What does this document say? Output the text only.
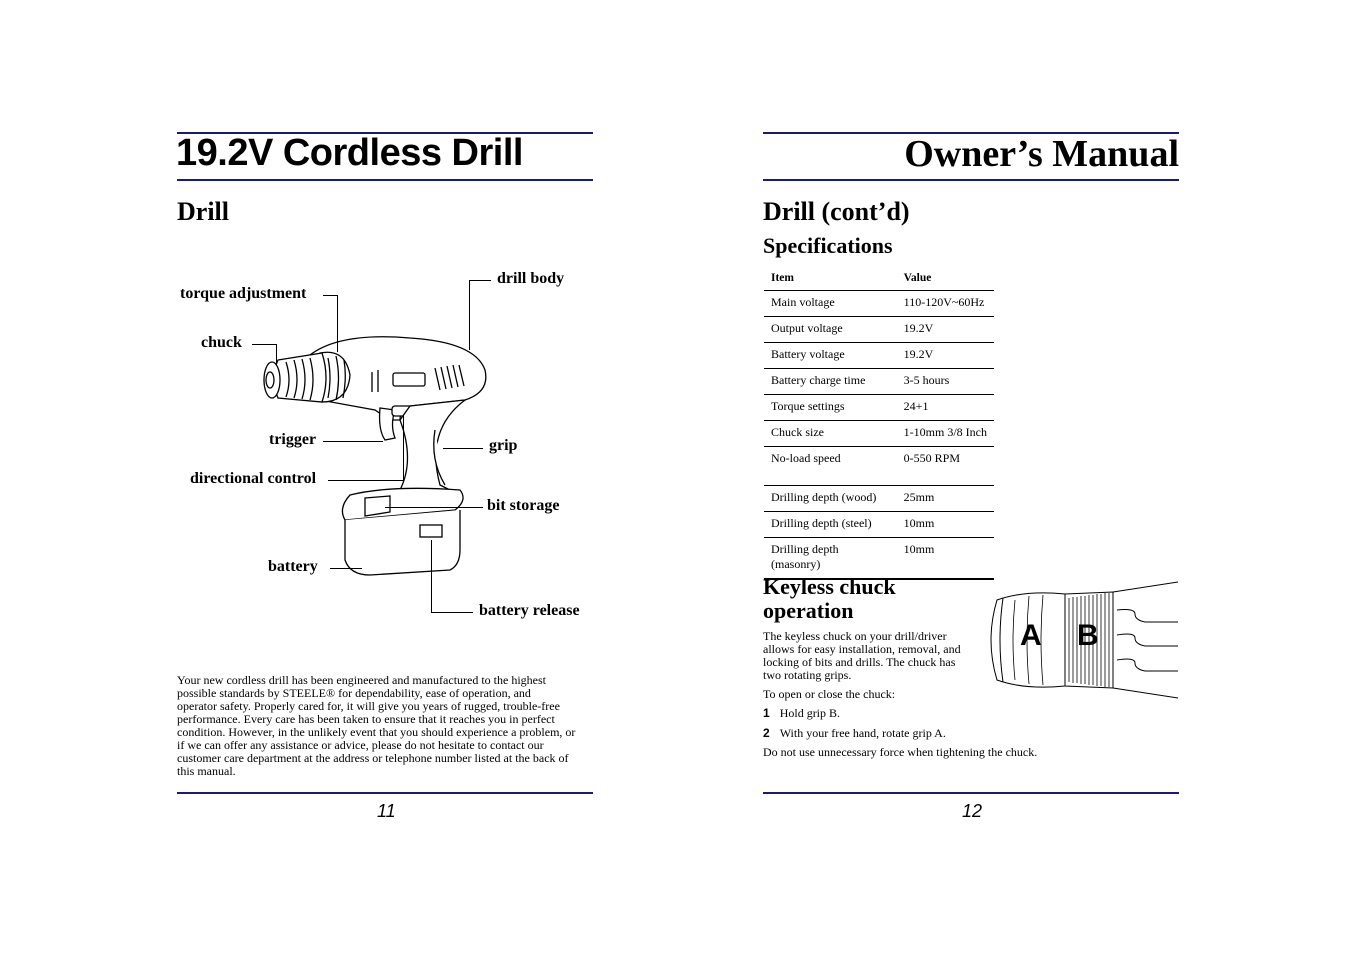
19.2V Cordless Drill
Drill
torque adjustment
chuck
trigger
directional control
battery
drill body
grip
bit storage
battery release
Your new cordless drill has been engineered and manufactured to the highest
possible standards by STEELE® for dependability, ease of operation, and
operator safety. Properly cared for, it will give you years of rugged, trouble-free
performance. Every care has been taken to ensure that it reaches you in perfect
condition. However, in the unlikely event that you should experience a problem, or
if we can offer any assistance or advice, please do not hesitate to contact our
customer care department at the address or telephone number listed at the back of
this manual.
11
Owner’s Manual
Drill (cont’d)
Specifications
Item	Value
Main voltage	110-120V~60Hz
Output voltage	19.2V
Battery voltage	19.2V
Battery charge time	3-5 hours
Torque settings	24+1
Chuck size	1-10mm 3/8 Inch
No-load speed	0-550 RPM
Drilling depth (wood)	25mm
Drilling depth (steel)	10mm
Drilling depth (masonry)	10mm
Keyless chuck operation
The keyless chuck on your drill/driver allows for easy installation, removal, and locking of bits and drills. The chuck has two rotating grips.
To open or close the chuck:
1 Hold grip B.
2 With your free hand, rotate grip A.
Do not use unnecessary force when tightening the chuck.
A B
12
